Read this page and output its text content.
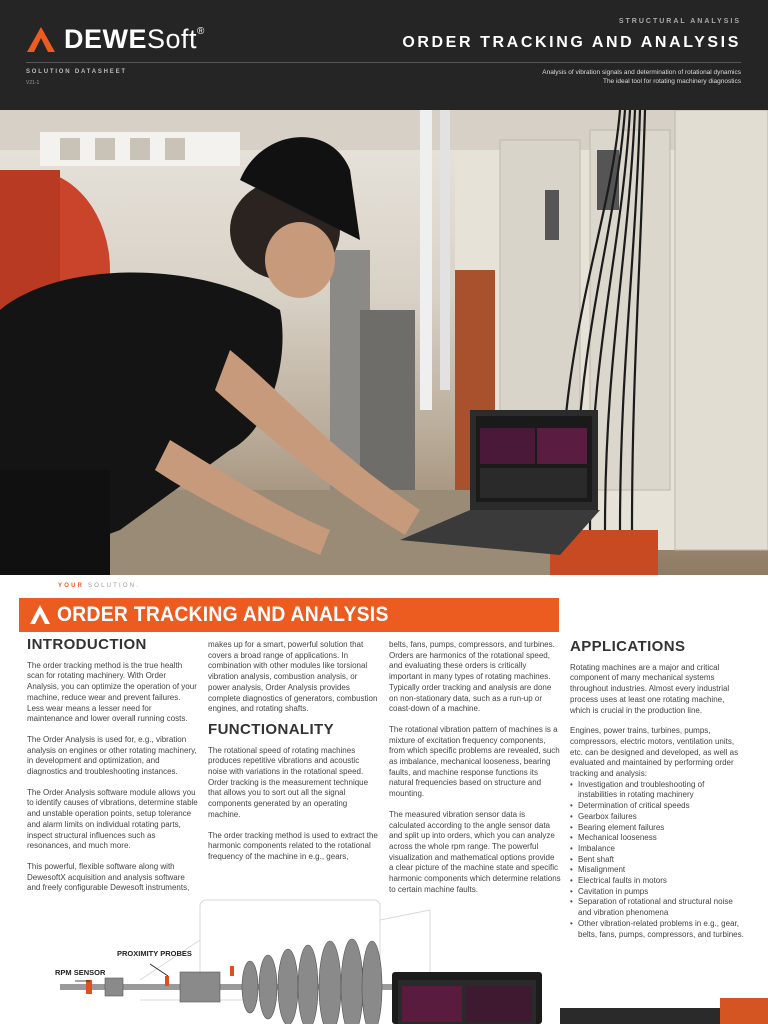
DEWESoft®
STRUCTURAL ANALYSIS
ORDER TRACKING AND ANALYSIS
SOLUTION DATASHEET
V21-1
Analysis of vibration signals and determination of rotational dynamics
The ideal tool for rotating machinery diagnostics
YOUR SOLUTION.
ORDER TRACKING AND ANALYSIS
INTRODUCTION

The order tracking method is the true health scan for rotating machinery. With Order Analysis, you can optimize the operation of your machine, reduce wear and prevent failures. Less wear means a lesser need for maintenance and lower overall running costs.

The Order Analysis is used for, e.g., vibration analysis on engines or other rotating machinery, in development and optimization, and diagnostics and troubleshooting instances.

The Order Analysis software module allows you to identify causes of vibrations, determine stable and unstable operation points, setup tolerance and alarm limits on individual rotating parts, inspect structural influences such as resonances, and much more.

This powerful, flexible software along with DewesoftX acquisition and analysis software and freely configurable Dewesoft instruments,

makes up for a smart, powerful solution that covers a broad range of applications. In combination with other modules like torsional vibration analysis, combustion analysis, or power analysis, Order Analysis provides complete diagnostics of generators, combustion engines, and rotating shafts.

FUNCTIONALITY

The rotational speed of rotating machines produces repetitive vibrations and acoustic noise with variations in the rotational speed. Order tracking is the measurement technique that allows you to sort out all the signal components generated by an operating machine.

The order tracking method is used to extract the harmonic components related to the rotational frequency of the machine in e.g., gears,

belts, fans, pumps, compressors, and turbines. Orders are harmonics of the rotational speed, and evaluating these orders is critically important in many types of rotating machines. Typically order tracking and analysis are done on non-stationary data, such as a run-up or coast-down of a machine.

The rotational vibration pattern of machines is a mixture of excitation frequency components, from which specific problems are revealed, such as imbalance, mechanical looseness, bearing faults, and machine response functions its natural frequencies based on structure and mounting.

The measured vibration sensor data is calculated according to the angle sensor data and split up into orders, which you can analyze across the whole rpm range. The powerful visualization and mathematical options provide a clear picture of the machine state and specific harmonic components which determine relations to certain machine faults.

APPLICATIONS

Rotating machines are a major and critical component of many mechanical systems throughout industries. Almost every industrial process uses at least one rotating machine, which is crucial in the production line.

Engines, power trains, turbines, pumps, compressors, electric motors, ventilation units, etc. can be designed and developed, as well as evaluated and maintained by performing order tracking and analysis:

• Investigation and troubleshooting of instabilities in rotating machinery
• Determination of critical speeds
• Gearbox failures
• Bearing element failures
• Mechanical looseness
• Imbalance
• Bent shaft
• Misalignment
• Electrical faults in motors
• Cavitation in pumps
• Separation of rotational and structural noise and vibration phenomena
• Other vibration-related problems in e.g., gear, belts, fans, pumps, compressors, and turbines.
PROXIMITY PROBES
RPM SENSOR
